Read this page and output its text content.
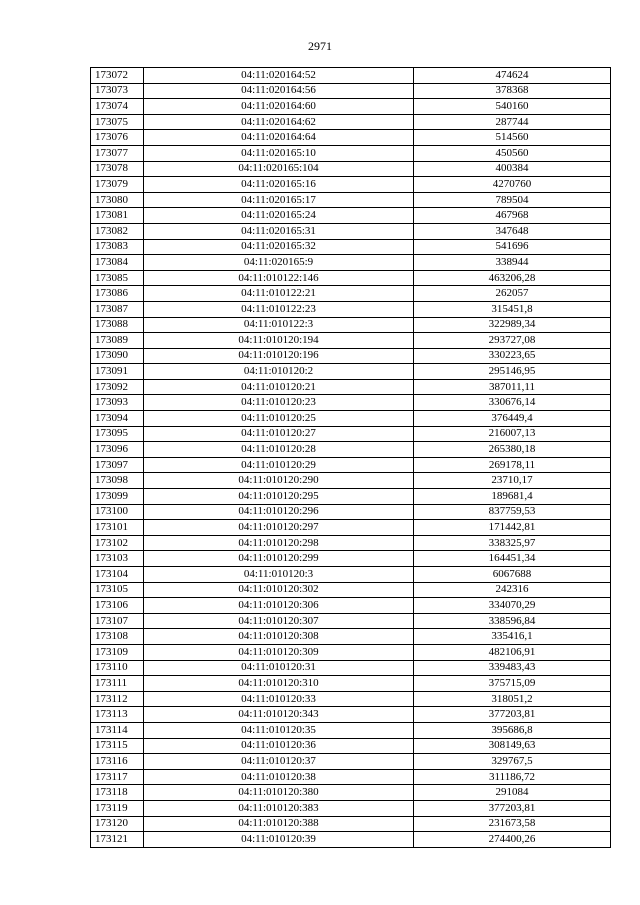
2971
173072	04:11:020164:52	474624
173073	04:11:020164:56	378368
173074	04:11:020164:60	540160
173075	04:11:020164:62	287744
173076	04:11:020164:64	514560
173077	04:11:020165:10	450560
173078	04:11:020165:104	400384
173079	04:11:020165:16	4270760
173080	04:11:020165:17	789504
173081	04:11:020165:24	467968
173082	04:11:020165:31	347648
173083	04:11:020165:32	541696
173084	04:11:020165:9	338944
173085	04:11:010122:146	463206,28
173086	04:11:010122:21	262057
173087	04:11:010122:23	315451,8
173088	04:11:010122:3	322989,34
173089	04:11:010120:194	293727,08
173090	04:11:010120:196	330223,65
173091	04:11:010120:2	295146,95
173092	04:11:010120:21	387011,11
173093	04:11:010120:23	330676,14
173094	04:11:010120:25	376449,4
173095	04:11:010120:27	216007,13
173096	04:11:010120:28	265380,18
173097	04:11:010120:29	269178,11
173098	04:11:010120:290	23710,17
173099	04:11:010120:295	189681,4
173100	04:11:010120:296	837759,53
173101	04:11:010120:297	171442,81
173102	04:11:010120:298	338325,97
173103	04:11:010120:299	164451,34
173104	04:11:010120:3	6067688
173105	04:11:010120:302	242316
173106	04:11:010120:306	334070,29
173107	04:11:010120:307	338596,84
173108	04:11:010120:308	335416,1
173109	04:11:010120:309	482106,91
173110	04:11:010120:31	339483,43
173111	04:11:010120:310	375715,09
173112	04:11:010120:33	318051,2
173113	04:11:010120:343	377203,81
173114	04:11:010120:35	395686,8
173115	04:11:010120:36	308149,63
173116	04:11:010120:37	329767,5
173117	04:11:010120:38	311186,72
173118	04:11:010120:380	291084
173119	04:11:010120:383	377203,81
173120	04:11:010120:388	231673,58
173121	04:11:010120:39	274400,26
